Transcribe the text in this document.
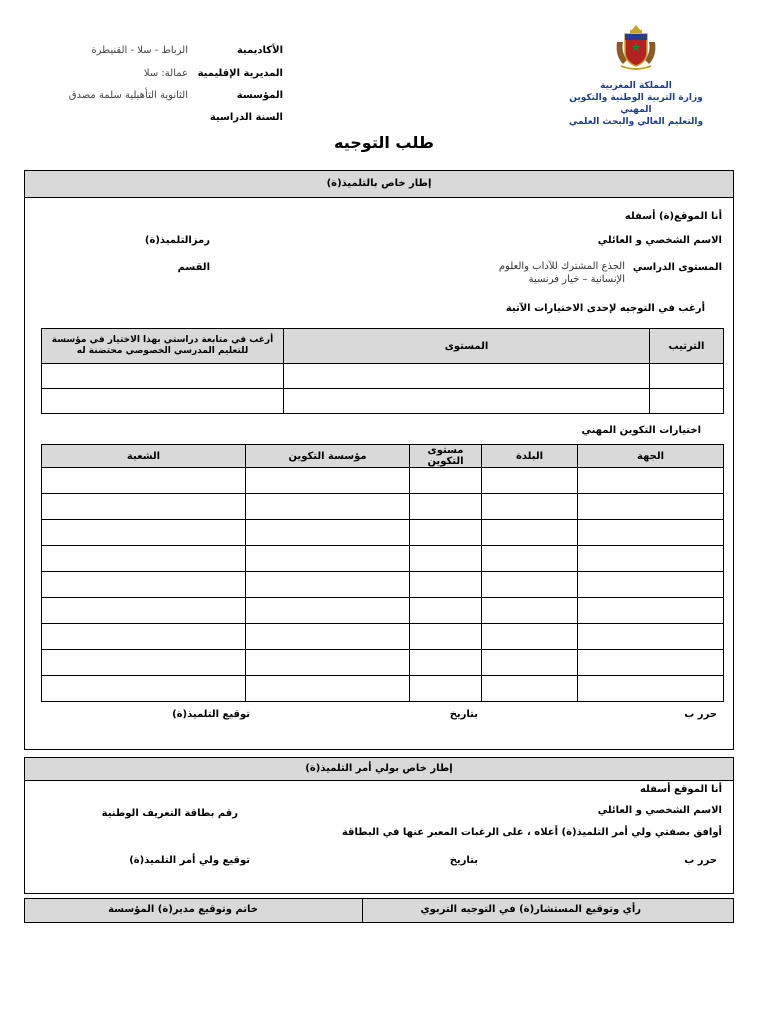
الأكاديمية
الرباط - سلا - القنيطرة
المديرية الإقليمية
عمالة: سلا
المؤسسة
الثانوية التأهيلية سلمة مصدق
السنة الدراسية
المملكة المغربية
وزارة التربية الوطنية والتكوين المهني
والتعليم العالي والبحث العلمي
طلب التوجيه
إطار خاص بالتلميذ(ة)
أنا الموقع(ة) أسفله
الاسم الشخصي و العائلي
رمزالتلميذ(ة)
المستوى الدراسي
الجذع المشترك للآداب والعلوم
الإنسانية – خيار فرنسية
القسم
أرغب في التوجيه لإحدى الاختيارات الآتية
الترتيب	المستوى	أرغب في متابعة دراستي بهذا الاختيار في مؤسسة للتعليم المدرسي الخصوصي محتضنة له

اختيارات التكوين المهني
الجهة	البلدة	مستوى التكوين	مؤسسة التكوين	الشعبة

حرر ب
بتاريخ
توقيع التلميذ(ة)
إطار خاص بولي أمر التلميذ(ة)
أنا الموقع أسفله
الاسم الشخصي و العائلي
رقم بطاقة التعريف الوطنية
أوافق بصفتي ولي أمر التلميذ(ة) أعلاه ، على الرغبات المعبر عنها في البطاقة
حرر ب
بتاريخ
توقيع ولي أمر التلميذ(ة)
رأي وتوقيع المستشار(ة) في التوجيه التربوي
خاتم وتوقيع مدير(ة) المؤسسة
